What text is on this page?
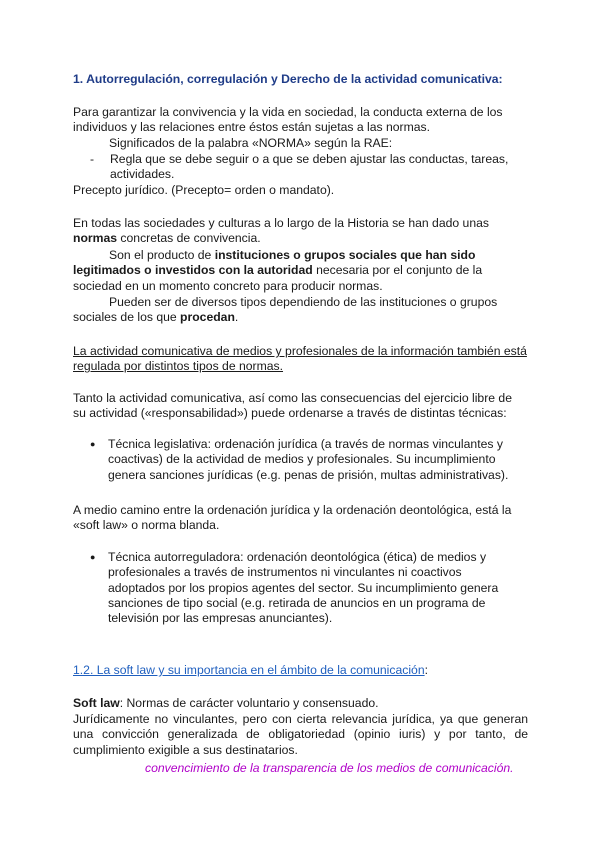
1. Autorregulación, corregulación y Derecho de la actividad comunicativa:

Para garantizar la convivencia y la vida en sociedad, la conducta externa de los individuos y las relaciones entre éstos están sujetas a las normas.

Significados de la palabra «NORMA» según la RAE:

- Regla que se debe seguir o a que se deben ajustar las conductas, tareas, actividades.

Precepto jurídico. (Precepto= orden o mandato).

En todas las sociedades y culturas a lo largo de la Historia se han dado unas normas concretas de convivencia.

Son el producto de instituciones o grupos sociales que han sido legitimados o investidos con la autoridad necesaria por el conjunto de la sociedad en un momento concreto para producir normas.

Pueden ser de diversos tipos dependiendo de las instituciones o grupos sociales de los que procedan.

La actividad comunicativa de medios y profesionales de la información también está regulada por distintos tipos de normas.

Tanto la actividad comunicativa, así como las consecuencias del ejercicio libre de su actividad («responsabilidad») puede ordenarse a través de distintas técnicas:

● Técnica legislativa: ordenación jurídica (a través de normas vinculantes y coactivas) de la actividad de medios y profesionales. Su incumplimiento genera sanciones jurídicas (e.g. penas de prisión, multas administrativas).

A medio camino entre la ordenación jurídica y la ordenación deontológica, está la «soft law» o norma blanda.

● Técnica autorreguladora: ordenación deontológica (ética) de medios y profesionales a través de instrumentos ni vinculantes ni coactivos adoptados por los propios agentes del sector. Su incumplimiento genera sanciones de tipo social (e.g. retirada de anuncios en un programa de televisión por las empresas anunciantes).

1.2. La soft law y su importancia en el ámbito de la comunicación:

Soft law: Normas de carácter voluntario y consensuado.

Jurídicamente no vinculantes, pero con cierta relevancia jurídica, ya que generan una convicción generalizada de obligatoriedad (opinio iuris) y por tanto, de cumplimiento exigible a sus destinatarios.

convencimiento de la transparencia de los medios de comunicación.
